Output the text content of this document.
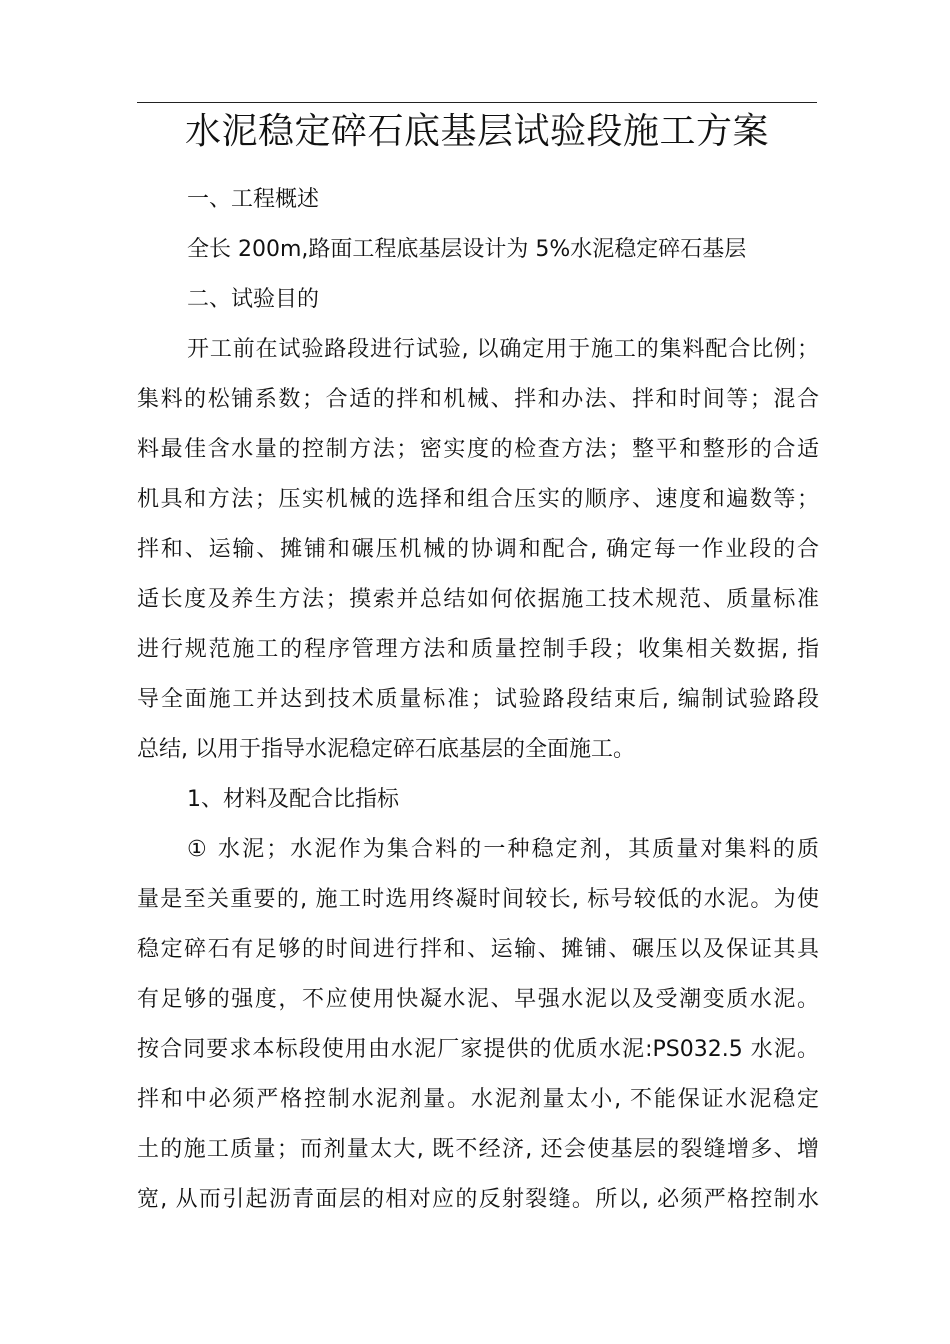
水泥稳定碎石底基层试验段施工方案

一、工程概述

全长 200m,路面工程底基层设计为 5%水泥稳定碎石基层

二、试验目的

开工前在试验路段进行试验, 以确定用于施工的集料配合比例；
集料的松铺系数；合适的拌和机械、拌和办法、拌和时间等；混合
料最佳含水量的控制方法；密实度的检查方法；整平和整形的合适
机具和方法；压实机械的选择和组合压实的顺序、速度和遍数等；
拌和、运输、摊铺和碾压机械的协调和配合, 确定每一作业段的合
适长度及养生方法；摸索并总结如何依据施工技术规范、质量标准
进行规范施工的程序管理方法和质量控制手段；收集相关数据, 指
导全面施工并达到技术质量标准；试验路段结束后, 编制试验路段
总结, 以用于指导水泥稳定碎石底基层的全面施工。

1、材料及配合比指标

① 水泥；水泥作为集合料的一种稳定剂，其质量对集料的质
量是至关重要的, 施工时选用终凝时间较长, 标号较低的水泥。为使
稳定碎石有足够的时间进行拌和、运输、摊铺、碾压以及保证其具
有足够的强度，不应使用快凝水泥、早强水泥以及受潮变质水泥。
按合同要求本标段使用由水泥厂家提供的优质水泥:PS032.5 水泥。
拌和中必须严格控制水泥剂量。水泥剂量太小, 不能保证水泥稳定
土的施工质量；而剂量太大, 既不经济, 还会使基层的裂缝增多、增
宽, 从而引起沥青面层的相对应的反射裂缝。所以, 必须严格控制水
